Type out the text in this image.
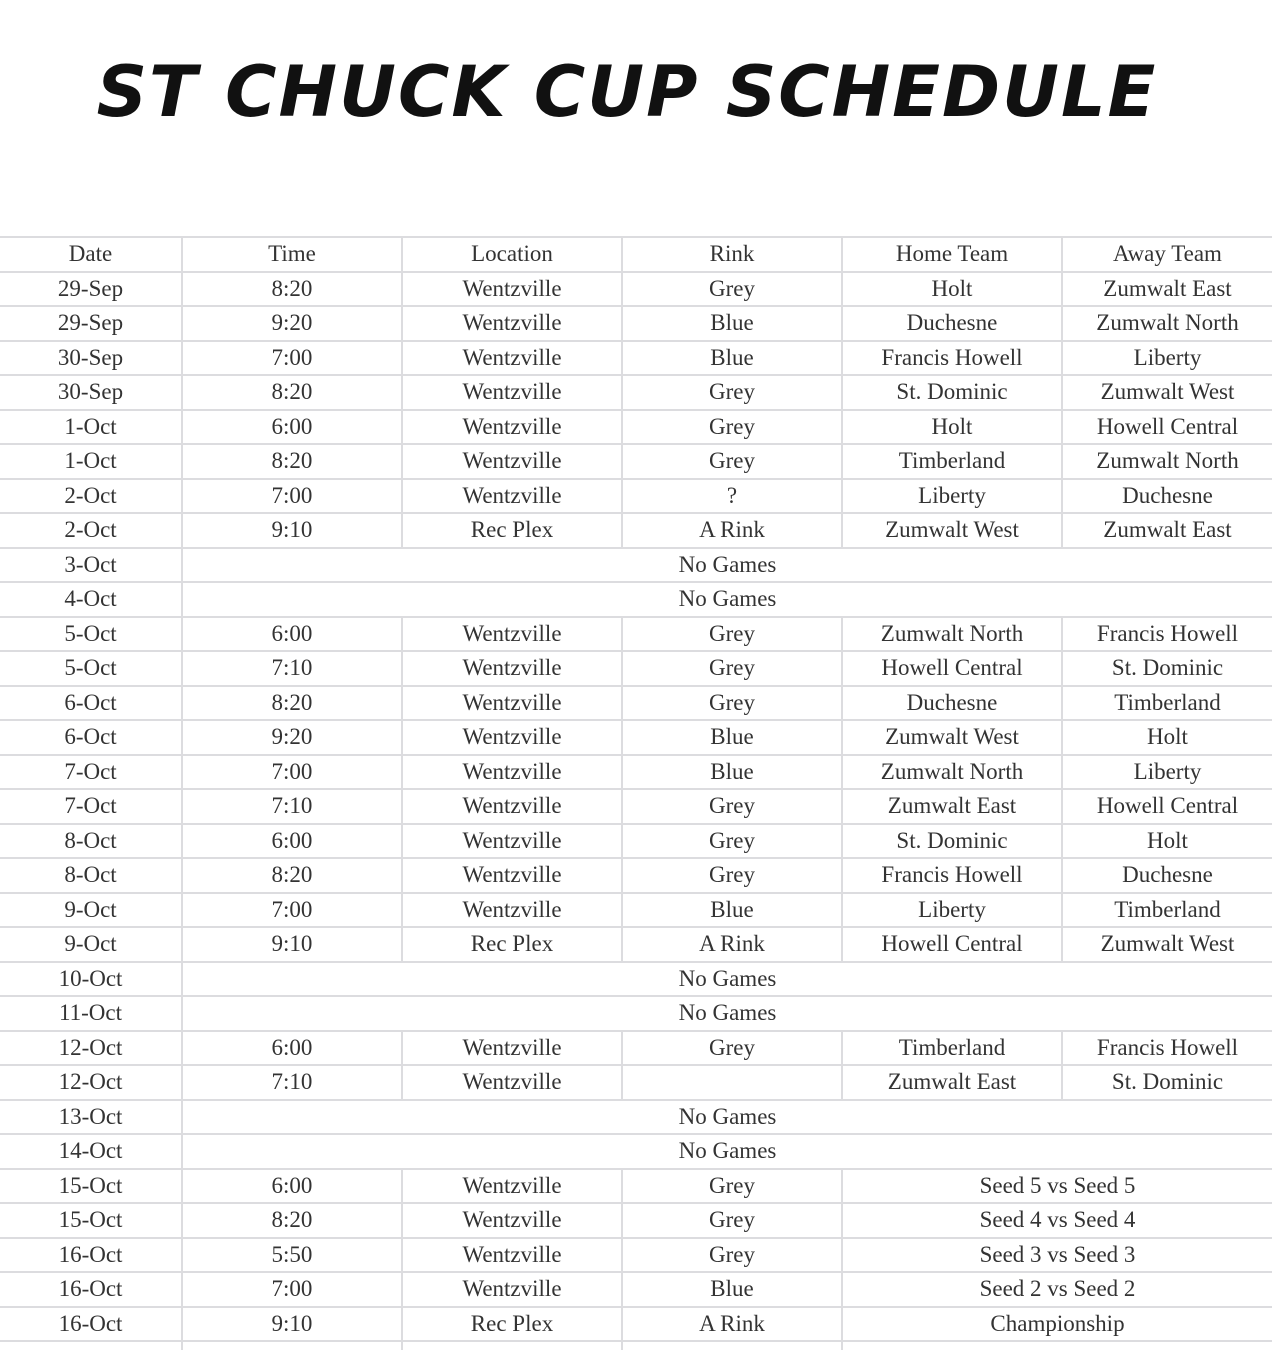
ST CHUCK CUP SCHEDULE
Date	Time	Location	Rink	Home Team	Away Team
29-Sep	8:20	Wentzville	Grey	Holt	Zumwalt East
29-Sep	9:20	Wentzville	Blue	Duchesne	Zumwalt North
30-Sep	7:00	Wentzville	Blue	Francis Howell	Liberty
30-Sep	8:20	Wentzville	Grey	St. Dominic	Zumwalt West
1-Oct	6:00	Wentzville	Grey	Holt	Howell Central
1-Oct	8:20	Wentzville	Grey	Timberland	Zumwalt North
2-Oct	7:00	Wentzville	?	Liberty	Duchesne
2-Oct	9:10	Rec Plex	A Rink	Zumwalt West	Zumwalt East
3-Oct	No Games				
4-Oct	No Games				
5-Oct	6:00	Wentzville	Grey	Zumwalt North	Francis Howell
5-Oct	7:10	Wentzville	Grey	Howell Central	St. Dominic
6-Oct	8:20	Wentzville	Grey	Duchesne	Timberland
6-Oct	9:20	Wentzville	Blue	Zumwalt West	Holt
7-Oct	7:00	Wentzville	Blue	Zumwalt North	Liberty
7-Oct	7:10	Wentzville	Grey	Zumwalt East	Howell Central
8-Oct	6:00	Wentzville	Grey	St. Dominic	Holt
8-Oct	8:20	Wentzville	Grey	Francis Howell	Duchesne
9-Oct	7:00	Wentzville	Blue	Liberty	Timberland
9-Oct	9:10	Rec Plex	A Rink	Howell Central	Zumwalt West
10-Oct	No Games				
11-Oct	No Games				
12-Oct	6:00	Wentzville	Grey	Timberland	Francis Howell
12-Oct	7:10	Wentzville		Zumwalt East	St. Dominic
13-Oct	No Games				
14-Oct	No Games				
15-Oct	6:00	Wentzville	Grey	Seed 5 vs Seed 5	
15-Oct	8:20	Wentzville	Grey	Seed 4 vs Seed 4	
16-Oct	5:50	Wentzville	Grey	Seed 3 vs Seed 3	
16-Oct	7:00	Wentzville	Blue	Seed 2 vs Seed 2	
16-Oct	9:10	Rec Plex	A Rink	Championship	
